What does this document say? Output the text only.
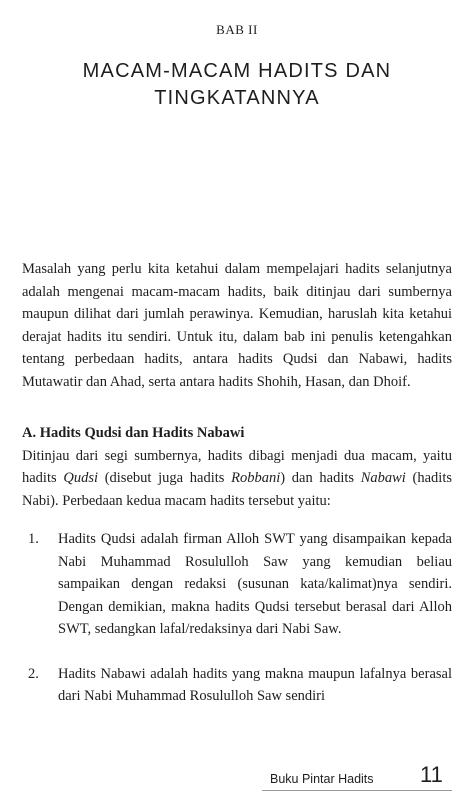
BAB II
MACAM-MACAM HADITS DAN
TINGKATANNYA

Masalah yang perlu kita ketahui dalam mempelajari hadits selanjutnya adalah mengenai macam-macam hadits, baik ditinjau dari sumbernya maupun dilihat dari jumlah perawinya. Kemudian, haruslah kita ketahui derajat hadits itu sendiri. Untuk itu, dalam bab ini penulis ketengahkan tentang perbedaan hadits, antara hadits Qudsi dan Nabawi, hadits Mutawatir dan Ahad, serta antara hadits Shohih, Hasan, dan Dhoif.

A. Hadits Qudsi dan Hadits Nabawi

Ditinjau dari segi sumbernya, hadits dibagi menjadi dua macam, yaitu hadits Qudsi (disebut juga hadits Robbani) dan hadits Nabawi (hadits Nabi). Perbedaan kedua macam hadits tersebut yaitu:

1. Hadits Qudsi adalah firman Alloh SWT yang disampaikan kepada Nabi Muhammad Rosululloh Saw yang kemudian beliau sampaikan dengan redaksi (susunan kata/kalimat)nya sendiri. Dengan demikian, makna hadits Qudsi tersebut berasal dari Alloh SWT, sedangkan lafal/redaksinya dari Nabi Saw.
2. Hadits Nabawi adalah hadits yang makna maupun lafalnya berasal dari Nabi Muhammad Rosululloh Saw sendiri
Buku Pintar Hadits 11
